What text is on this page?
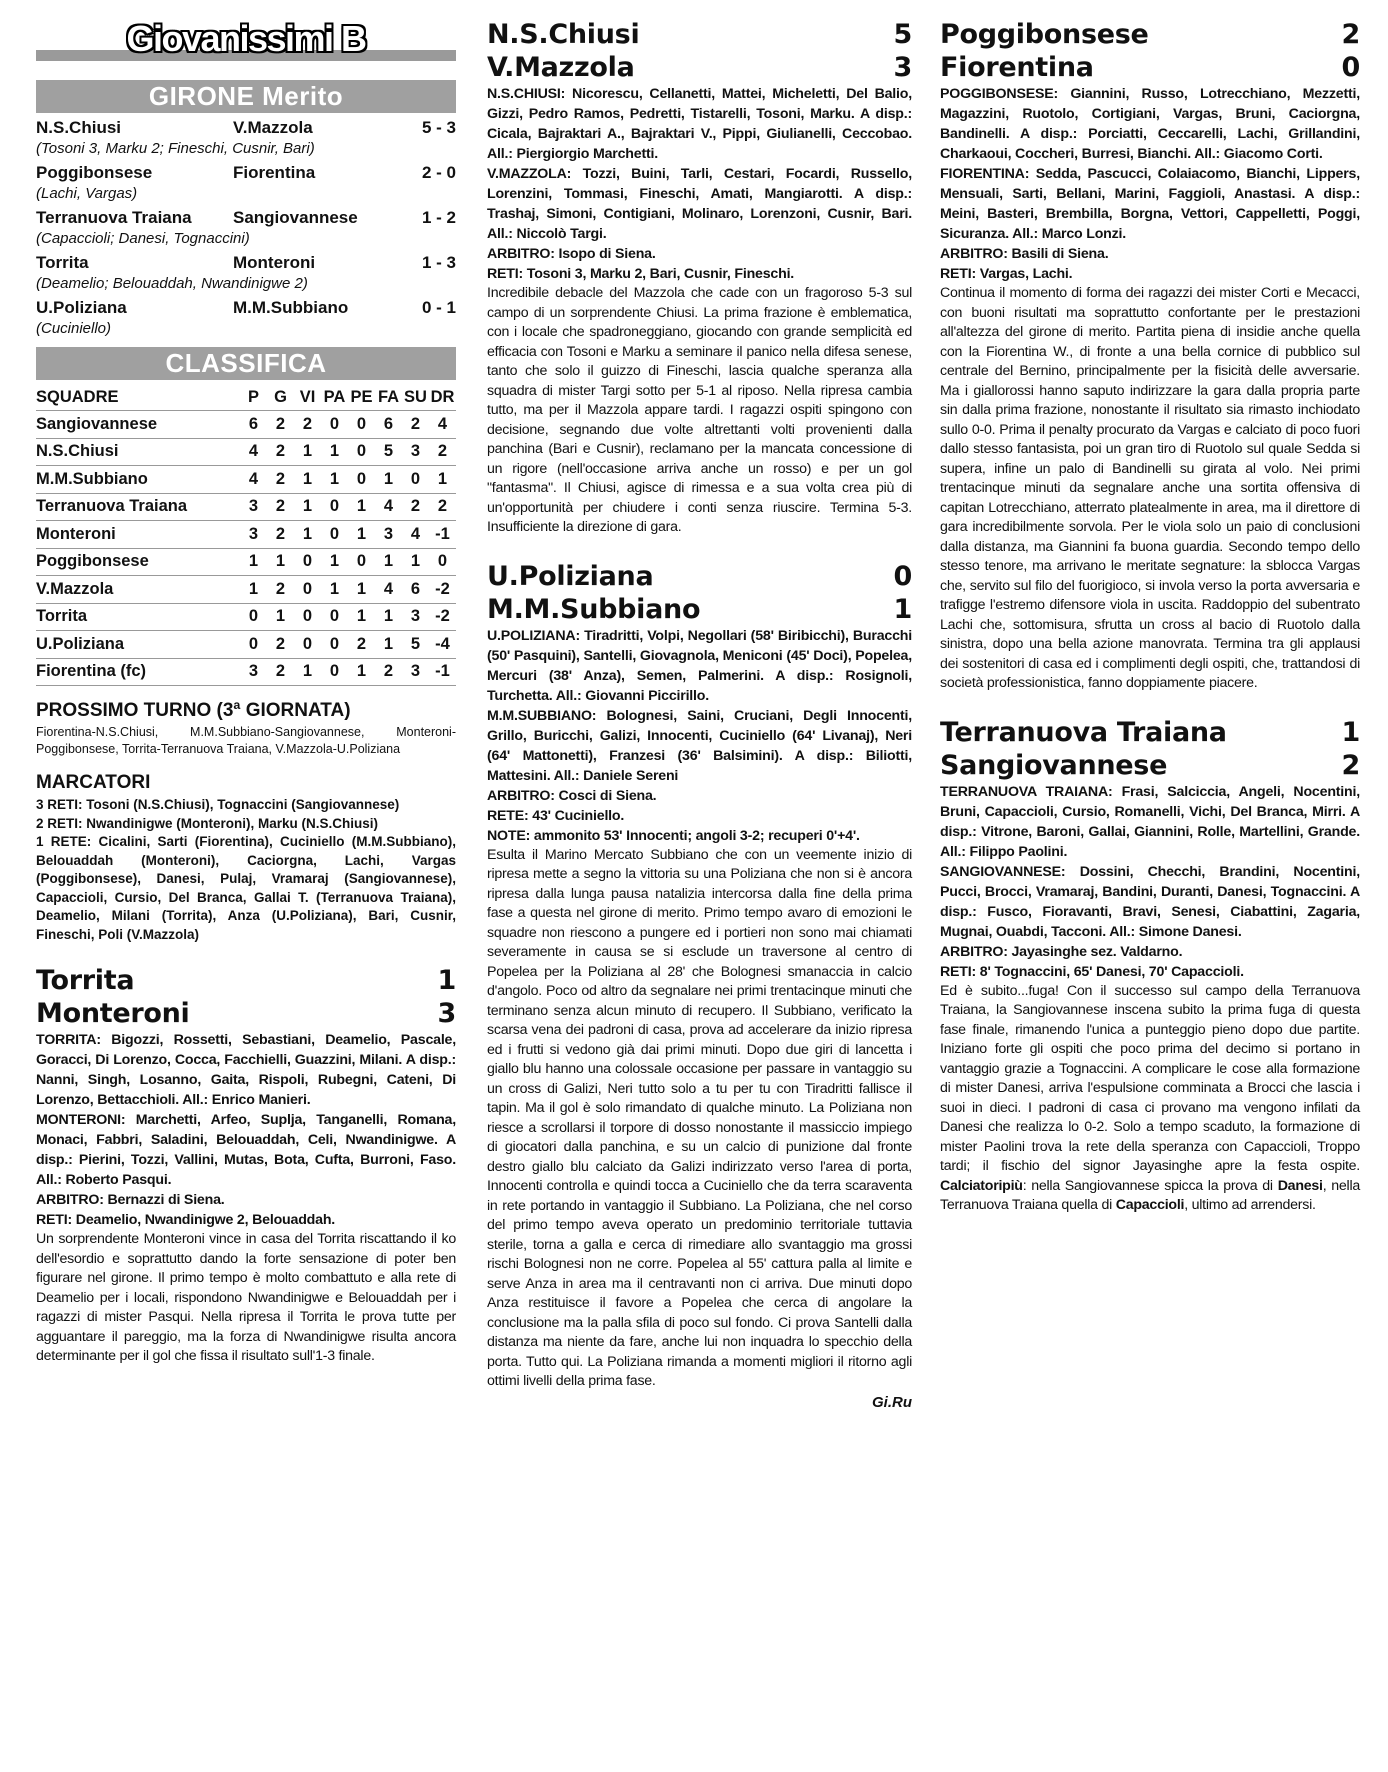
Giovanissimi B
GIRONE Merito
N.S.Chiusi	V.Mazzola	5 - 3
(Tosoni 3, Marku 2; Fineschi, Cusnir, Bari)
Poggibonsese	Fiorentina	2 - 0
(Lachi, Vargas)
Terranuova Traiana	Sangiovannese	1 - 2
(Capaccioli; Danesi, Tognaccini)
Torrita	Monteroni	1 - 3
(Deamelio; Belouaddah, Nwandinigwe 2)
U.Poliziana	M.M.Subbiano	0 - 1
(Cuciniello)
CLASSIFICA
SQUADRE	P	G	VI	PA	PE	FA	SU	DR
Sangiovannese	6	2	2	0	0	6	2	4
N.S.Chiusi	4	2	1	1	0	5	3	2
M.M.Subbiano	4	2	1	1	0	1	0	1
Terranuova Traiana	3	2	1	0	1	4	2	2
Monteroni	3	2	1	0	1	3	4	-1
Poggibonsese	1	1	0	1	0	1	1	0
V.Mazzola	1	2	0	1	1	4	6	-2
Torrita	0	1	0	0	1	1	3	-2
U.Poliziana	0	2	0	0	2	1	5	-4
Fiorentina (fc)	3	2	1	0	1	2	3	-1
PROSSIMO TURNO (3ª GIORNATA)
Fiorentina-N.S.Chiusi, M.M.Subbiano-Sangiovannese, Monteroni-Poggibonsese, Torrita-Terranuova Traiana, V.Mazzola-U.Poliziana
MARCATORI
3 RETI: Tosoni (N.S.Chiusi), Tognaccini (Sangiovannese)
2 RETI: Nwandinigwe (Monteroni), Marku (N.S.Chiusi)
1 RETE: Cicalini, Sarti (Fiorentina), Cuciniello (M.M.Subbiano), Belouaddah (Monteroni), Caciorgna, Lachi, Vargas (Poggibonsese), Danesi, Pulaj, Vramaraj (Sangiovannese), Capaccioli, Cursio, Del Branca, Gallai T. (Terranuova Traiana), Deamelio, Milani (Torrita), Anza (U.Poliziana), Bari, Cusnir, Fineschi, Poli (V.Mazzola)
Torrita	1
Monteroni	3
TORRITA: Bigozzi, Rossetti, Sebastiani, Deamelio, Pascale, Goracci, Di Lorenzo, Cocca, Facchielli, Guazzini, Milani. A disp.: Nanni, Singh, Losanno, Gaita, Rispoli, Rubegni, Cateni, Di Lorenzo, Bettacchioli. All.: Enrico Manieri.
MONTERONI: Marchetti, Arfeo, Suplja, Tanganelli, Romana, Monaci, Fabbri, Saladini, Belouaddah, Celi, Nwandinigwe. A disp.: Pierini, Tozzi, Vallini, Mutas, Bota, Cufta, Burroni, Faso. All.: Roberto Pasqui.
ARBITRO: Bernazzi di Siena.
RETI: Deamelio, Nwandinigwe 2, Belouaddah.
Un sorprendente Monteroni vince in casa del Torrita riscattando il ko dell'esordio e soprattutto dando la forte sensazione di poter ben figurare nel girone. Il primo tempo è molto combattuto e alla rete di Deamelio per i locali, rispondono Nwandinigwe e Belouaddah per i ragazzi di mister Pasqui. Nella ripresa il Torrita le prova tutte per agguantare il pareggio, ma la forza di Nwandinigwe risulta ancora determinante per il gol che fissa il risultato sull'1-3 finale.
N.S.Chiusi	5
V.Mazzola	3
N.S.CHIUSI: Nicorescu, Cellanetti, Mattei, Micheletti, Del Balio, Gizzi, Pedro Ramos, Pedretti, Tistarelli, Tosoni, Marku. A disp.: Cicala, Bajraktari A., Bajraktari V., Pippi, Giulianelli, Ceccobao. All.: Piergiorgio Marchetti.
V.MAZZOLA: Tozzi, Buini, Tarli, Cestari, Focardi, Russello, Lorenzini, Tommasi, Fineschi, Amati, Mangiarotti. A disp.: Trashaj, Simoni, Contigiani, Molinaro, Lorenzoni, Cusnir, Bari. All.: Niccolò Targi.
ARBITRO: Isopo di Siena.
RETI: Tosoni 3, Marku 2, Bari, Cusnir, Fineschi.
Incredibile debacle del Mazzola che cade con un fragoroso 5-3 sul campo di un sorprendente Chiusi. La prima frazione è emblematica, con i locale che spadroneggiano, giocando con grande semplicità ed efficacia con Tosoni e Marku a seminare il panico nella difesa senese, tanto che solo il guizzo di Fineschi, lascia qualche speranza alla squadra di mister Targi sotto per 5-1 al riposo. Nella ripresa cambia tutto, ma per il Mazzola appare tardi. I ragazzi ospiti spingono con decisione, segnando due volte altrettanti volti provenienti dalla panchina (Bari e Cusnir), reclamano per la mancata concessione di un rigore (nell'occasione arriva anche un rosso) e per un gol "fantasma". Il Chiusi, agisce di rimessa e a sua volta crea più di un'opportunità per chiudere i conti senza riuscire. Termina 5-3. Insufficiente la direzione di gara.
U.Poliziana	0
M.M.Subbiano	1
U.POLIZIANA: Tiradritti, Volpi, Negollari (58' Biribicchi), Buracchi (50' Pasquini), Santelli, Giovagnola, Meniconi (45' Doci), Popelea, Mercuri (38' Anza), Semen, Palmerini. A disp.: Rosignoli, Turchetta. All.: Giovanni Piccirillo.
M.M.SUBBIANO: Bolognesi, Saini, Cruciani, Degli Innocenti, Grillo, Buricchi, Galizi, Innocenti, Cuciniello (64' Livanaj), Neri (64' Mattonetti), Franzesi (36' Balsimini). A disp.: Biliotti, Mattesini. All.: Daniele Sereni
ARBITRO: Cosci di Siena.
RETE: 43' Cuciniello.
NOTE: ammonito 53' Innocenti; angoli 3-2; recuperi 0'+4'.
Esulta il Marino Mercato Subbiano che con un veemente inizio di ripresa mette a segno la vittoria su una Poliziana che non si è ancora ripresa dalla lunga pausa natalizia intercorsa dalla fine della prima fase a questa nel girone di merito. Primo tempo avaro di emozioni le squadre non riescono a pungere ed i portieri non sono mai chiamati severamente in causa se si esclude un traversone al centro di Popelea per la Poliziana al 28' che Bolognesi smanaccia in calcio d'angolo. Poco od altro da segnalare nei primi trentacinque minuti che terminano senza alcun minuto di recupero. Il Subbiano, verificato la scarsa vena dei padroni di casa, prova ad accelerare da inizio ripresa ed i frutti si vedono già dai primi minuti. Dopo due giri di lancetta i giallo blu hanno una colossale occasione per passare in vantaggio su un cross di Galizi, Neri tutto solo a tu per tu con Tiradritti fallisce il tapin. Ma il gol è solo rimandato di qualche minuto. La Poliziana non riesce a scrollarsi il torpore di dosso nonostante il massiccio impiego di giocatori dalla panchina, e su un calcio di punizione dal fronte destro giallo blu calciato da Galizi indirizzato verso l'area di porta, Innocenti controlla e quindi tocca a Cuciniello che da terra scaraventa in rete portando in vantaggio il Subbiano. La Poliziana, che nel corso del primo tempo aveva operato un predominio territoriale tuttavia sterile, torna a galla e cerca di rimediare allo svantaggio ma grossi rischi Bolognesi non ne corre. Popelea al 55' cattura palla al limite e serve Anza in area ma il centravanti non ci arriva. Due minuti dopo Anza restituisce il favore a Popelea che cerca di angolare la conclusione ma la palla sfila di poco sul fondo. Ci prova Santelli dalla distanza ma niente da fare, anche lui non inquadra lo specchio della porta. Tutto qui. La Poliziana rimanda a momenti migliori il ritorno agli ottimi livelli della prima fase.
Gi.Ru
Poggibonsese	2
Fiorentina	0
POGGIBONSESE: Giannini, Russo, Lotrecchiano, Mezzetti, Magazzini, Ruotolo, Cortigiani, Vargas, Bruni, Caciorgna, Bandinelli. A disp.: Porciatti, Ceccarelli, Lachi, Grillandini, Charkaoui, Coccheri, Burresi, Bianchi. All.: Giacomo Corti.
FIORENTINA: Sedda, Pascucci, Colaiacomo, Bianchi, Lippers, Mensuali, Sarti, Bellani, Marini, Faggioli, Anastasi. A disp.: Meini, Basteri, Brembilla, Borgna, Vettori, Cappelletti, Poggi, Sicuranza. All.: Marco Lonzi.
ARBITRO: Basili di Siena.
RETI: Vargas, Lachi.
Continua il momento di forma dei ragazzi dei mister Corti e Mecacci, con buoni risultati ma soprattutto confortante per le prestazioni all'altezza del girone di merito. Partita piena di insidie anche quella con la Fiorentina W., di fronte a una bella cornice di pubblico sul centrale del Bernino, principalmente per la fisicità delle avversarie. Ma i giallorossi hanno saputo indirizzare la gara dalla propria parte sin dalla prima frazione, nonostante il risultato sia rimasto inchiodato sullo 0-0. Prima il penalty procurato da Vargas e calciato di poco fuori dallo stesso fantasista, poi un gran tiro di Ruotolo sul quale Sedda si supera, infine un palo di Bandinelli su girata al volo. Nei primi trentacinque minuti da segnalare anche una sortita offensiva di capitan Lotrecchiano, atterrato platealmente in area, ma il direttore di gara incredibilmente sorvola. Per le viola solo un paio di conclusioni dalla distanza, ma Giannini fa buona guardia. Secondo tempo dello stesso tenore, ma arrivano le meritate segnature: la sblocca Vargas che, servito sul filo del fuorigioco, si invola verso la porta avversaria e trafigge l'estremo difensore viola in uscita. Raddoppio del subentrato Lachi che, sottomisura, sfrutta un cross al bacio di Ruotolo dalla sinistra, dopo una bella azione manovrata. Termina tra gli applausi dei sostenitori di casa ed i complimenti degli ospiti, che, trattandosi di società professionistica, fanno doppiamente piacere.
Terranuova Traiana	1
Sangiovannese	2
TERRANUOVA TRAIANA: Frasi, Salciccia, Angeli, Nocentini, Bruni, Capaccioli, Cursio, Romanelli, Vichi, Del Branca, Mirri. A disp.: Vitrone, Baroni, Gallai, Giannini, Rolle, Martellini, Grande. All.: Filippo Paolini.
SANGIOVANNESE: Dossini, Checchi, Brandini, Nocentini, Pucci, Brocci, Vramaraj, Bandini, Duranti, Danesi, Tognaccini. A disp.: Fusco, Fioravanti, Bravi, Senesi, Ciabattini, Zagaria, Mugnai, Ouabdi, Tacconi. All.: Simone Danesi.
ARBITRO: Jayasinghe sez. Valdarno.
RETI: 8' Tognaccini, 65' Danesi, 70' Capaccioli.
Ed è subito...fuga! Con il successo sul campo della Terranuova Traiana, la Sangiovannese inscena subito la prima fuga di questa fase finale, rimanendo l'unica a punteggio pieno dopo due partite. Iniziano forte gli ospiti che poco prima del decimo si portano in vantaggio grazie a Tognaccini. A complicare le cose alla formazione di mister Danesi, arriva l'espulsione comminata a Brocci che lascia i suoi in dieci. I padroni di casa ci provano ma vengono infilati da Danesi che realizza lo 0-2. Solo a tempo scaduto, la formazione di mister Paolini trova la rete della speranza con Capaccioli, Troppo tardi; il fischio del signor Jayasinghe apre la festa ospite. Calciatoripiù: nella Sangiovannese spicca la prova di Danesi, nella Terranuova Traiana quella di Capaccioli, ultimo ad arrendersi.
